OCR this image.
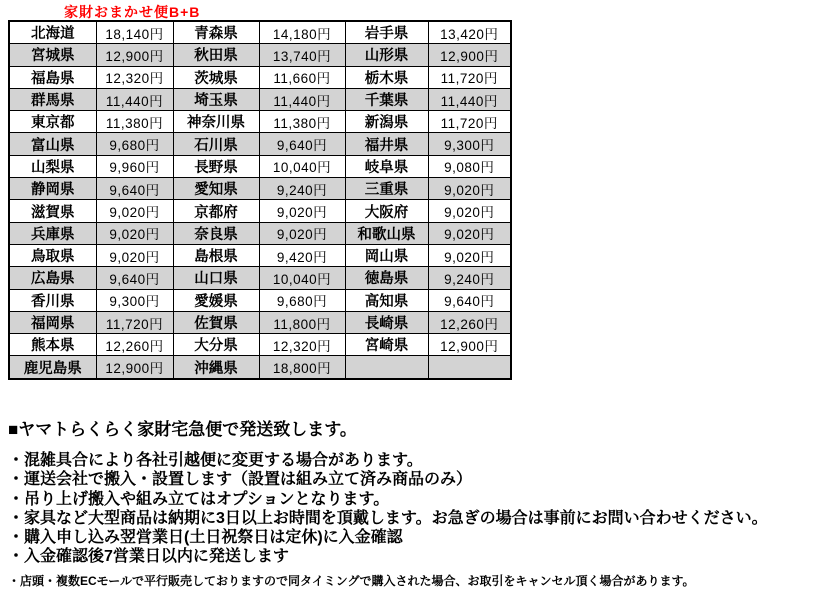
家財おまかせ便B+B
北海道	18,140円	青森県	14,180円	岩手県	13,420円
宮城県	12,900円	秋田県	13,740円	山形県	12,900円
福島県	12,320円	茨城県	11,660円	栃木県	11,720円
群馬県	11,440円	埼玉県	11,440円	千葉県	11,440円
東京都	11,380円	神奈川県	11,380円	新潟県	11,720円
富山県	9,680円	石川県	9,640円	福井県	9,300円
山梨県	9,960円	長野県	10,040円	岐阜県	9,080円
静岡県	9,640円	愛知県	9,240円	三重県	9,020円
滋賀県	9,020円	京都府	9,020円	大阪府	9,020円
兵庫県	9,020円	奈良県	9,020円	和歌山県	9,020円
鳥取県	9,020円	島根県	9,420円	岡山県	9,020円
広島県	9,640円	山口県	10,040円	徳島県	9,240円
香川県	9,300円	愛媛県	9,680円	高知県	9,640円
福岡県	11,720円	佐賀県	11,800円	長崎県	12,260円
熊本県	12,260円	大分県	12,320円	宮崎県	12,900円
鹿児島県	12,900円	沖縄県	18,800円		
■ヤマトらくらく家財宅急便で発送致します。
・混雑具合により各社引越便に変更する場合があります。
・運送会社で搬入・設置します（設置は組み立て済み商品のみ）
・吊り上げ搬入や組み立てはオプションとなります。
・家具など大型商品は納期に3日以上お時間を頂戴します。お急ぎの場合は事前にお問い合わせください。
・購入申し込み翌営業日(土日祝祭日は定休)に入金確認
・入金確認後7営業日以内に発送します
・店頭・複数ECモールで平行販売しておりますので同タイミングで購入された場合、お取引をキャンセル頂く場合があります。
